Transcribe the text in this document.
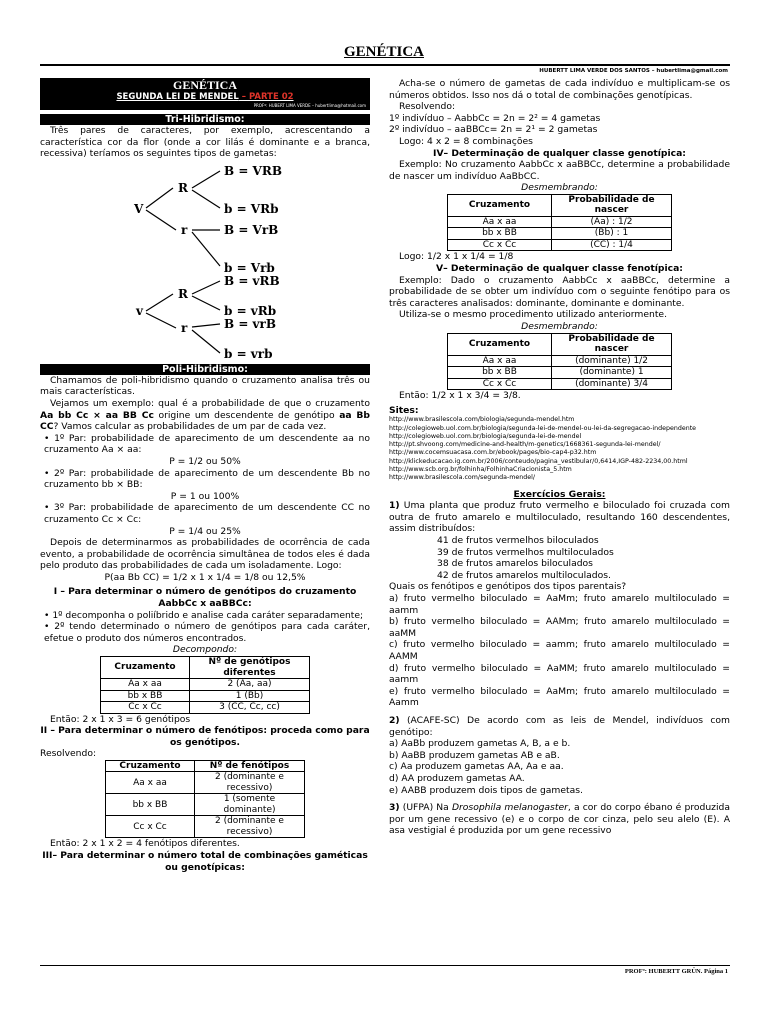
GENÉTICA
HUBERTT LIMA VERDE DOS SANTOS – hubertlima@gmail.com
GENÉTICA
SEGUNDA LEI DE MENDEL – PARTE 02
PROFº: HUBERT LIMA VERDE – hubertlima@hotmail.com
Tri-Hibridismo:

Três pares de caracteres, por exemplo, acrescentando a característica cor da flor (onde a cor lilás é dominante e a branca, recessiva) teríamos os seguintes tipos de gametas:

V
R
r
B = VRB
b = VRb
B = VrB
b = Vrb
v
R
r
B = vRB
b = vRb
B = vrB
b = vrb
Poli-Hibridismo:

Chamamos de poli-hibridismo quando o cruzamento analisa três ou mais características.

Vejamos um exemplo: qual é a probabilidade de que o cruzamento Aa bb Cc × aa BB Cc origine um descendente de genótipo aa Bb CC? Vamos calcular as probabilidades de um par de cada vez.

• 1º Par: probabilidade de aparecimento de um descendente aa no cruzamento Aa × aa:

P = 1/2 ou 50%

• 2º Par: probabilidade de aparecimento de um descendente Bb no cruzamento bb × BB:

P = 1 ou 100%

• 3º Par: probabilidade de aparecimento de um descendente CC no cruzamento Cc × Cc:

P = 1/4 ou 25%

Depois de determinarmos as probabilidades de ocorrência de cada evento, a probabilidade de ocorrência simultânea de todos eles é dada pelo produto das probabilidades de cada um isoladamente. Logo:

P(aa Bb CC) = 1/2 x 1 x 1/4 = 1/8 ou 12,5%

I – Para determinar o número de genótipos do cruzamento AabbCc x aaBBCc:

• 1º decomponha o poliíbrido e analise cada caráter separadamente;

• 2º tendo determinado o número de genótipos para cada caráter, efetue o produto dos números encontrados.

Decompondo:

Cruzamento	Nº de genótipos diferentes
Aa x aa	2 (Aa, aa)
bb x BB	1 (Bb)
Cc x Cc	3 (CC, Cc, cc)

Então: 2 x 1 x 3 = 6 genótipos

II – Para determinar o número de fenótipos: proceda como para os genótipos.

Resolvendo:

Cruzamento	Nº de fenótipos
Aa x aa	2 (dominante e recessivo)
bb x BB	1 (somente dominante)
Cc x Cc	2 (dominante e recessivo)

Então: 2 x 1 x 2 = 4 fenótipos diferentes.

III– Para determinar o número total de combinações gaméticas ou genotípicas:

Acha-se o número de gametas de cada indivíduo e multiplicam-se os números obtidos. Isso nos dá o total de combinações genotípicas.

Resolvendo:

1º indivíduo – AabbCc = 2n = 2² = 4 gametas

2º indivíduo – aaBBCc= 2n = 2¹ = 2 gametas

Logo: 4 x 2 = 8 combinações

IV– Determinação de qualquer classe genotípica:

Exemplo: No cruzamento AabbCc x aaBBCc, determine a probabilidade de nascer um indivíduo AaBbCC.

Desmembrando:

Cruzamento	Probabilidade de nascer
Aa x aa	(Aa) : 1/2
bb x BB	(Bb) : 1
Cc x Cc	(CC) : 1/4

Logo: 1/2 x 1 x 1/4 = 1/8

V– Determinação de qualquer classe fenotípica:

Exemplo: Dado o cruzamento AabbCc x aaBBCc, determine a probabilidade de se obter um indivíduo com o seguinte fenótipo para os três caracteres analisados: dominante, dominante e dominante.

Utiliza-se o mesmo procedimento utilizado anteriormente.

Desmembrando:

Cruzamento	Probabilidade de nascer
Aa x aa	(dominante) 1/2
bb x BB	(dominante) 1
Cc x Cc	(dominante) 3/4

Então: 1/2 x 1 x 3/4 = 3/8.

Sites:

http://www.brasilescola.com/biologia/segunda-mendel.htm
http://colegioweb.uol.com.br/biologia/segunda-lei-de-mendel-ou-lei-da-segregacao-independente
http://colegioweb.uol.com.br/biologia/segunda-lei-de-mendel
http://pt.shvoong.com/medicine-and-health/m-genetics/1668361-segunda-lei-mendel/
http://www.cocemsuacasa.com.br/ebook/pages/bio-cap4-p32.htm
http://klickeducacao.ig.com.br/2006/conteudo/pagina_vestibular/0,6414,IGP-482-2234,00.html
http://www.scb.org.br/folhinha/FolhinhaCriacionista_5.htm
http://www.brasilescola.com/segunda-mendel/

Exercícios Gerais:

1) Uma planta que produz fruto vermelho e biloculado foi cruzada com outra de fruto amarelo e multiloculado, resultando 160 descendentes, assim distribuídos:

41 de frutos vermelhos biloculados
39 de frutos vermelhos multiloculados
38 de frutos amarelos biloculados
42 de frutos amarelos multiloculados.

Quais os fenótipos e genótipos dos tipos parentais?

a) fruto vermelho biloculado = AaMm; fruto amarelo multiloculado = aamm

b) fruto vermelho biloculado = AAMm; fruto amarelo multiloculado = aaMM

c) fruto vermelho biloculado = aamm; fruto amarelo multiloculado = AAMM

d) fruto vermelho biloculado = AaMM; fruto amarelo multiloculado = aamm

e) fruto vermelho biloculado = AaMm; fruto amarelo multiloculado = Aamm

2) (ACAFE-SC) De acordo com as leis de Mendel, indivíduos com genótipo:

a) AaBb produzem gametas A, B, a e b.

b) AaBB produzem gametas AB e aB.

c) Aa produzem gametas AA, Aa e aa.

d) AA produzem gametas AA.

e) AABB produzem dois tipos de gametas.

3) (UFPA) Na Drosophila melanogaster, a cor do corpo ébano é produzida por um gene recessivo (e) e o corpo de cor cinza, pelo seu alelo (E). A asa vestigial é produzida por um gene recessivo

PROFº: HUBERTT GRÜN. Página 1
